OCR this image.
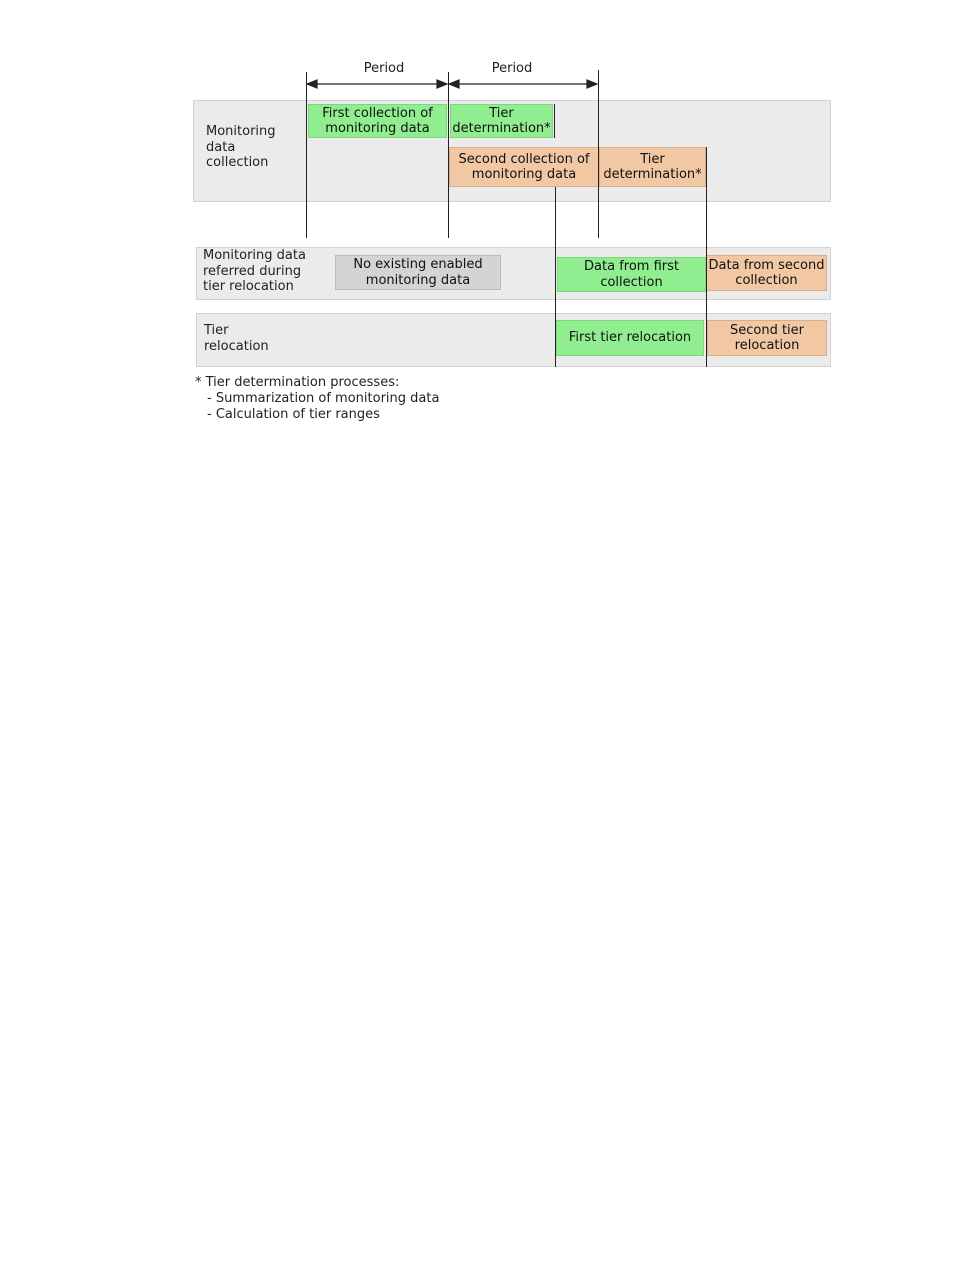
Monitoring
data
collection
Monitoring data
referred during
tier relocation
Tier
relocation
First collection of
monitoring data
Tier
determination*
Second collection of
monitoring data
Tier
determination*
No existing enabled
monitoring data
Data from first
collection
Data from second
collection
First tier relocation
Second tier
relocation
Period	Period
* Tier determination processes:
- Summarization of monitoring data
- Calculation of tier ranges
